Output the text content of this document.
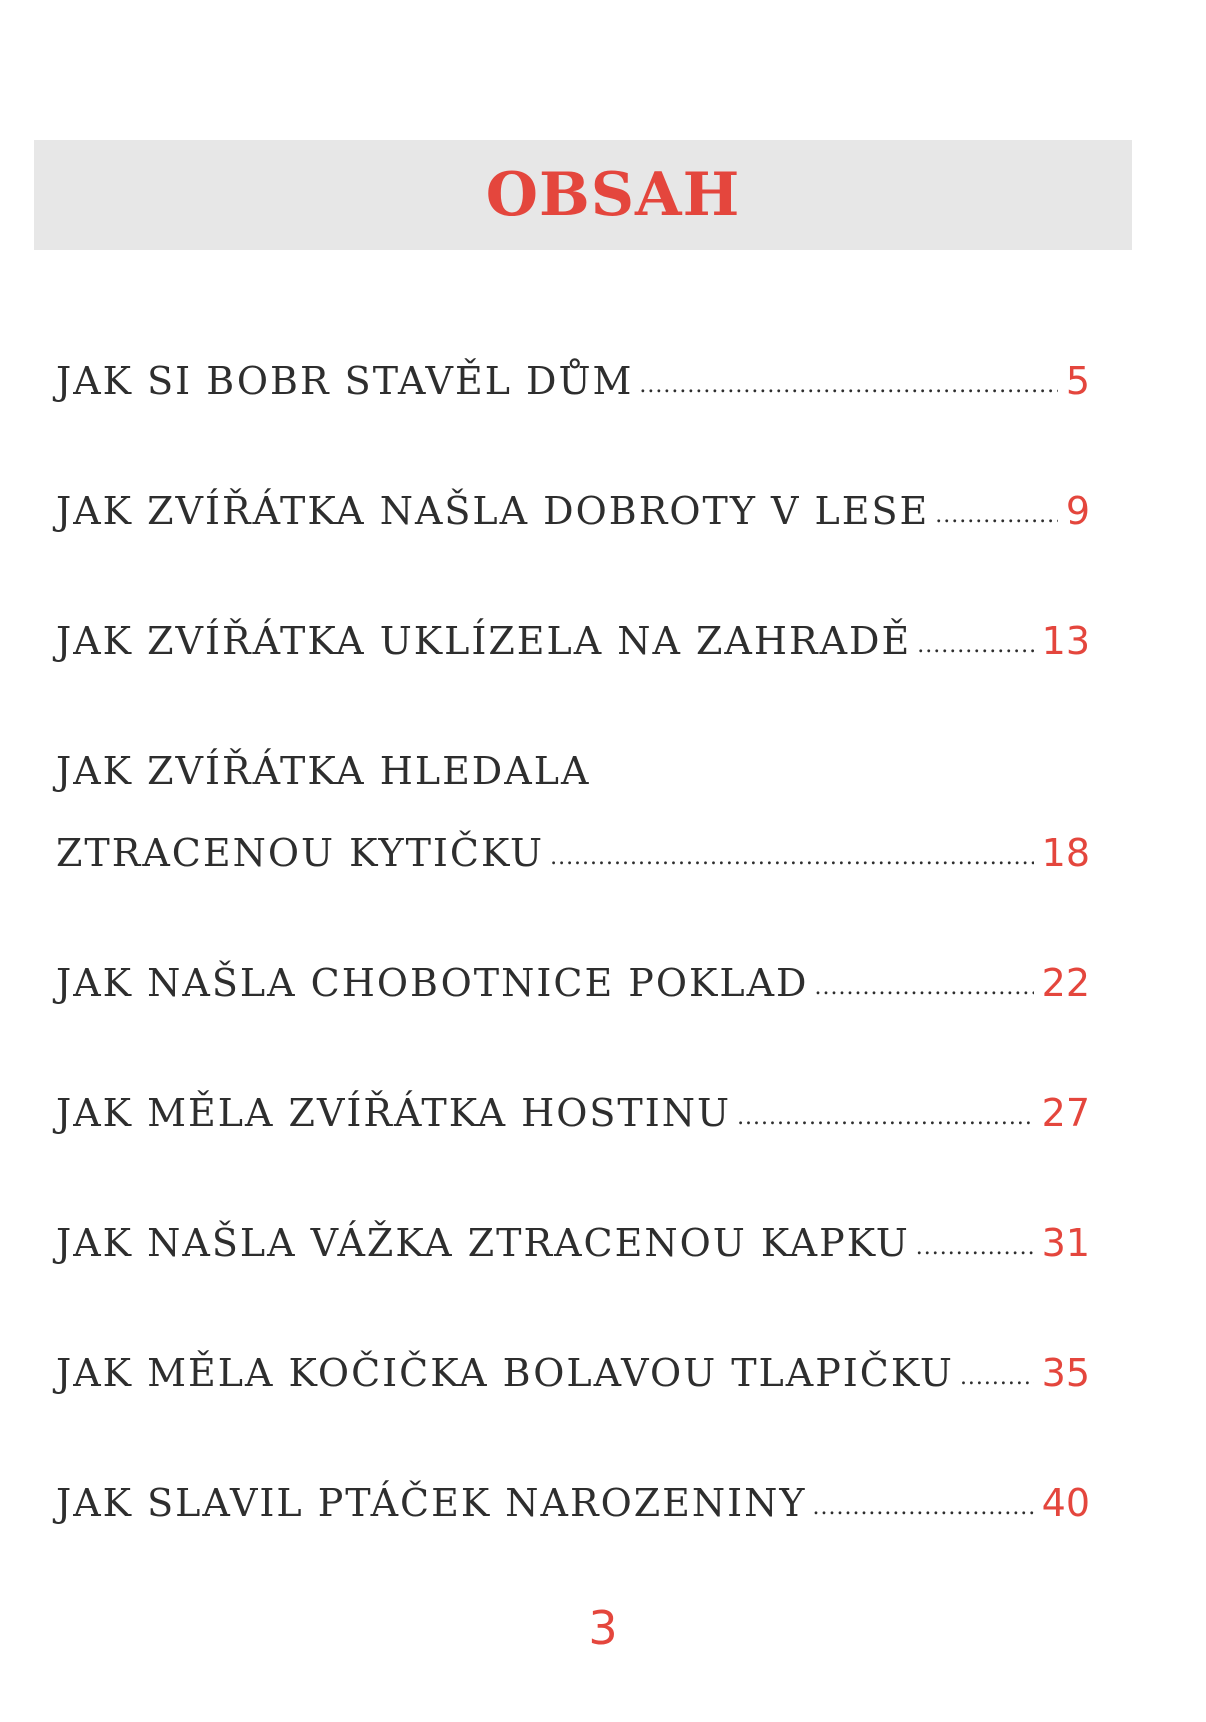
OBSAH
JAK SI BOBR STAVĚL DŮM .....	5
JAK ZVÍŘÁTKA NAŠLA DOBROTY V LESE .....	9
JAK ZVÍŘÁTKA UKLÍZELA NA ZAHRADĚ .....	13
JAK ZVÍŘÁTKA HLEDALA
ZTRACENOU KYTIČKU .....	18
JAK NAŠLA CHOBOTNICE POKLAD .....	22
JAK MĚLA ZVÍŘÁTKA HOSTINU .....	27
JAK NAŠLA VÁŽKA ZTRACENOU KAPKU .....	31
JAK MĚLA KOČIČKA BOLAVOU TLAPIČKU ..... 35
JAK SLAVIL PTÁČEK NAROZENINY .....	40
3
